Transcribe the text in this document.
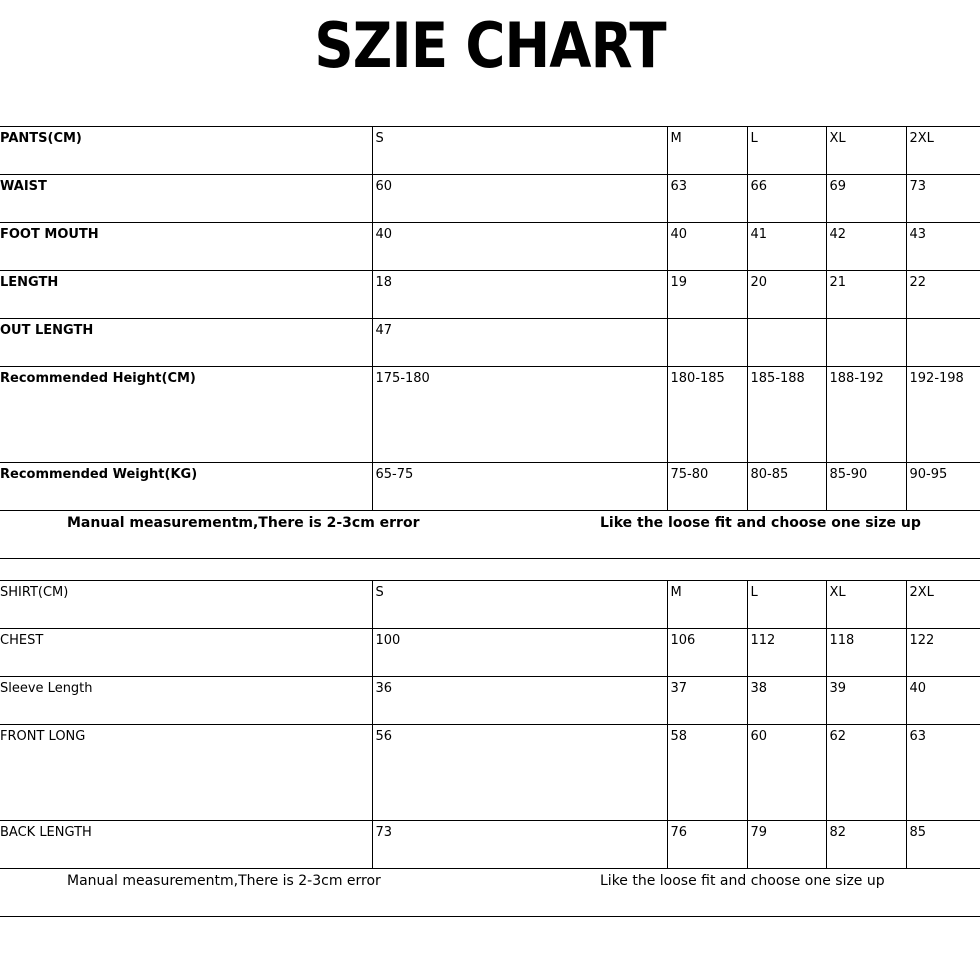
SZIE CHART
PANTS(CM)	S	M	L	XL	2XL
WAIST	60	63	66	69	73
FOOT MOUTH	40	40	41	42	43
LENGTH	18	19	20	21	22
OUT LENGTH	47				
Recommended Height(CM)	175-180	180-185	185-188	188-192	192-198
Recommended Weight(KG)	65-75	75-80	80-85	85-90	90-95
Manual measurementm,There is 2-3cm error Like the loose fit and choose one size up					
SHIRT(CM)	S	M	L	XL	2XL
CHEST	100	106	112	118	122
Sleeve Length	36	37	38	39	40
FRONT LONG	56	58	60	62	63
BACK LENGTH	73	76	79	82	85
Manual measurementm,There is 2-3cm error Like the loose fit and choose one size up					
